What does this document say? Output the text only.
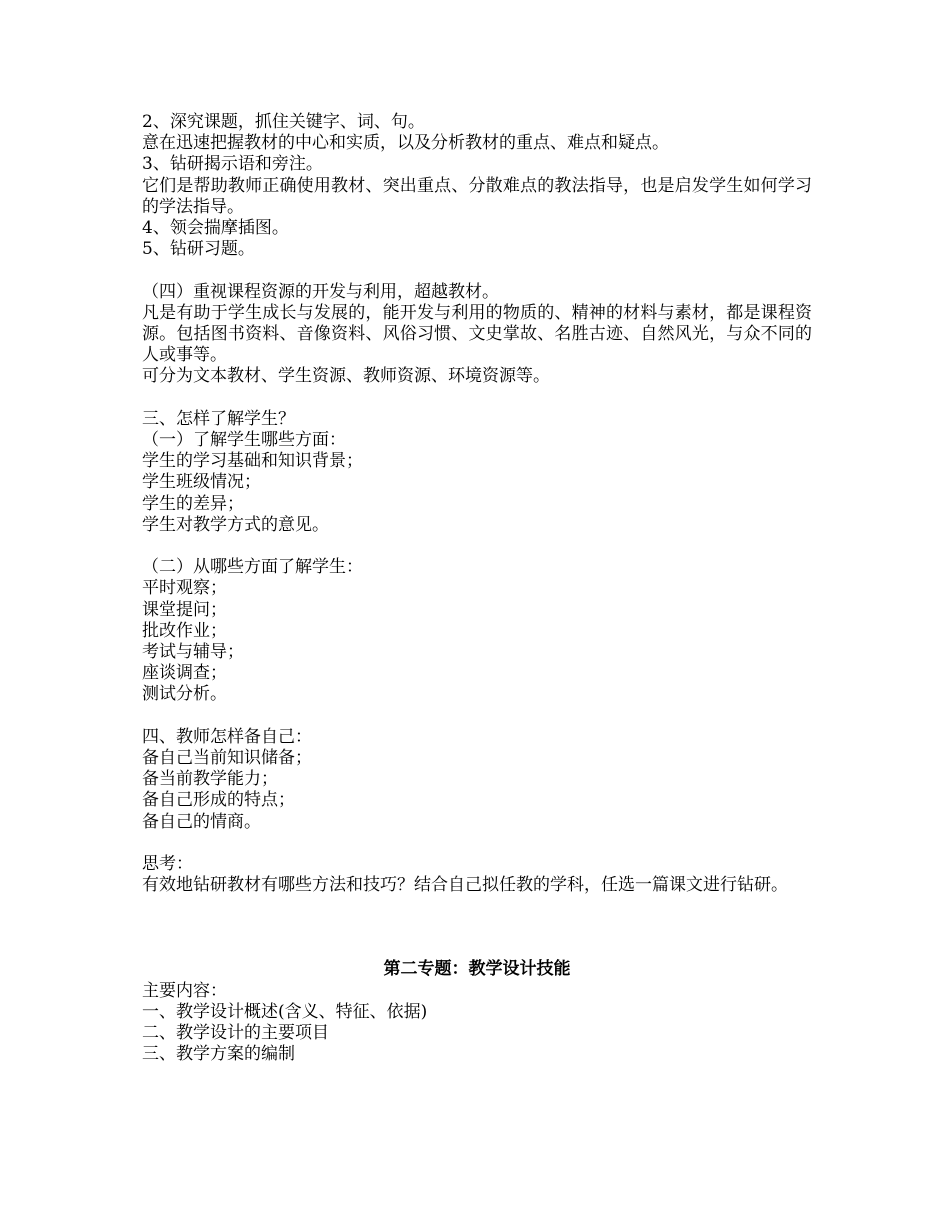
2、深究课题，抓住关键字、词、句。
意在迅速把握教材的中心和实质，以及分析教材的重点、难点和疑点。
3、钻研揭示语和旁注。
它们是帮助教师正确使用教材、突出重点、分散难点的教法指导，也是启发学生如何学习的学法指导。
4、领会揣摩插图。
5、钻研习题。
（四）重视课程资源的开发与利用，超越教材。
凡是有助于学生成长与发展的，能开发与利用的物质的、精神的材料与素材，都是课程资源。包括图书资料、音像资料、风俗习惯、文史掌故、名胜古迹、自然风光，与众不同的人或事等。
可分为文本教材、学生资源、教师资源、环境资源等。
三、怎样了解学生？
（一）了解学生哪些方面：
学生的学习基础和知识背景；
学生班级情况；
学生的差异；
学生对教学方式的意见。
（二）从哪些方面了解学生：
平时观察；
课堂提问；
批改作业；
考试与辅导；
座谈调查；
测试分析。
四、教师怎样备自己：
备自己当前知识储备；
备当前教学能力；
备自己形成的特点；
备自己的情商。
思考：
有效地钻研教材有哪些方法和技巧？结合自己拟任教的学科，任选一篇课文进行钻研。
第二专题：教学设计技能
主要内容：
一、教学设计概述(含义、特征、依据)
二、教学设计的主要项目
三、教学方案的编制
